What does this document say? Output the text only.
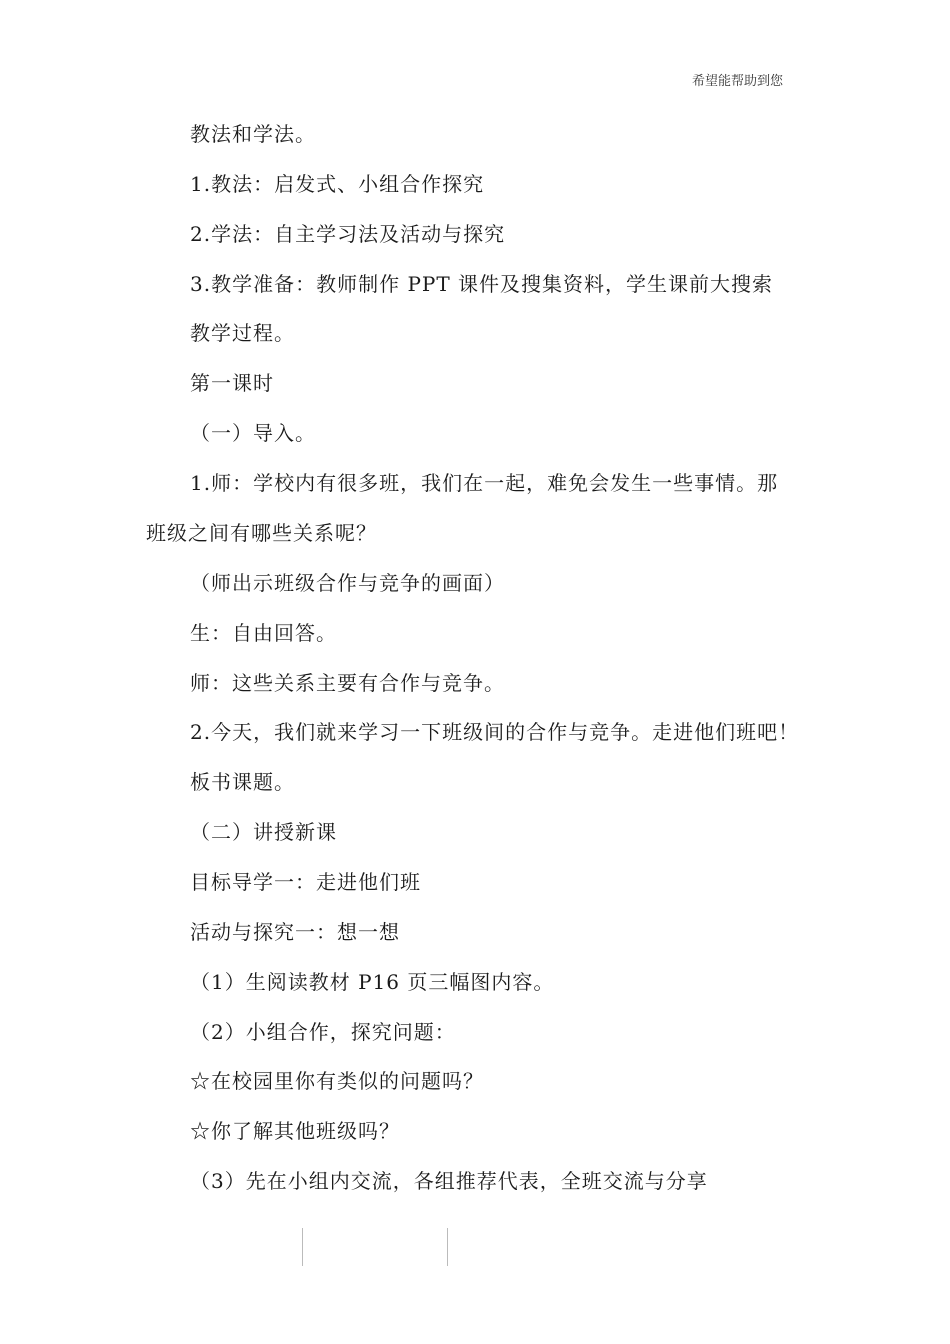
希望能帮助到您
教法和学法。
1.教法：启发式、小组合作探究
2.学法：自主学习法及活动与探究
3.教学准备：教师制作 PPT 课件及搜集资料，学生课前大搜索
教学过程。
第一课时
（一）导入。
1.师：学校内有很多班，我们在一起，难免会发生一些事情。那
班级之间有哪些关系呢？
（师出示班级合作与竞争的画面）
生：自由回答。
师：这些关系主要有合作与竞争。
2.今天，我们就来学习一下班级间的合作与竞争。走进他们班吧！
板书课题。
（二）讲授新课
目标导学一：走进他们班
活动与探究一：想一想
（1）生阅读教材 P16 页三幅图内容。
（2）小组合作，探究问题：
☆在校园里你有类似的问题吗？
☆你了解其他班级吗？
（3）先在小组内交流，各组推荐代表，全班交流与分享
